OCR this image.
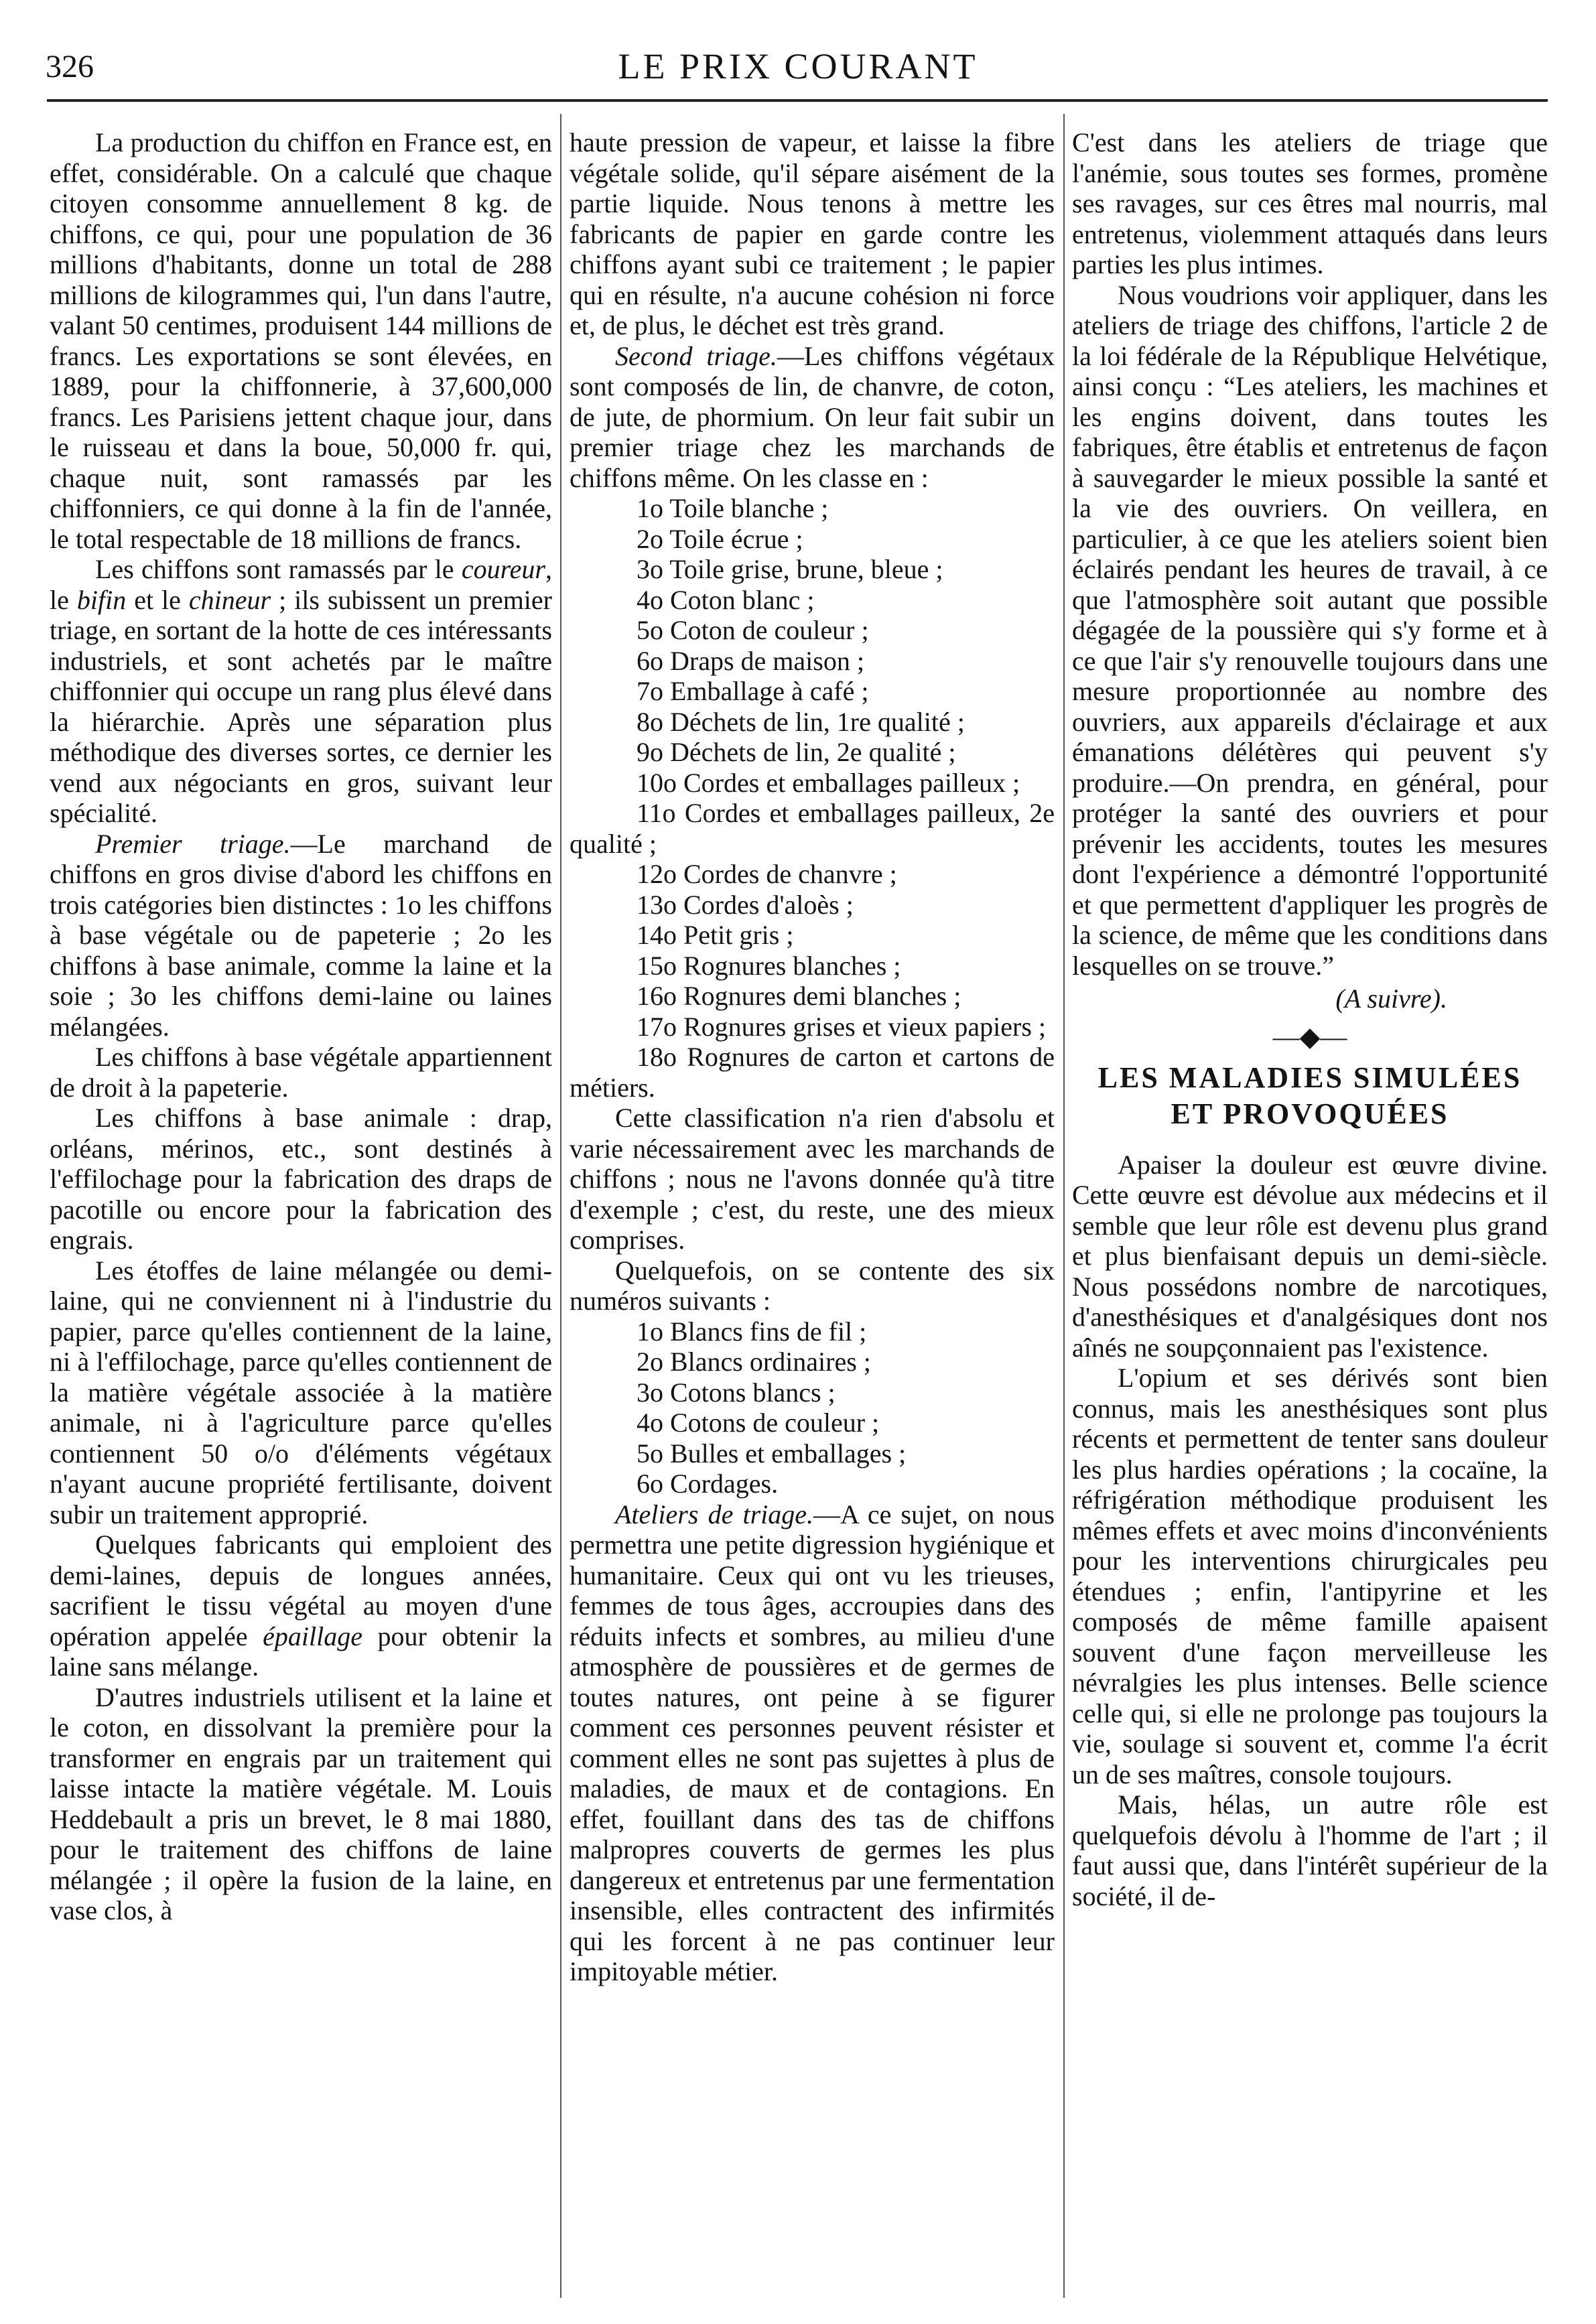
326	LE PRIX COURANT

La production du chiffon en France est, en effet, considérable. On a calculé que chaque citoyen consomme annuellement 8 kg. de chiffons, ce qui, pour une population de 36 millions d'habitants, donne un total de 288 millions de kilogrammes qui, l'un dans l'autre, valant 50 centimes, produisent 144 millions de francs. Les exportations se sont élevées, en 1889, pour la chiffonnerie, à 37,600,000 francs. Les Parisiens jettent chaque jour, dans le ruisseau et dans la boue, 50,000 fr. qui, chaque nuit, sont ramassés par les chiffonniers, ce qui donne à la fin de l'année, le total respectable de 18 millions de francs.

Les chiffons sont ramassés par le coureur, le bifin et le chineur ; ils subissent un premier triage, en sortant de la hotte de ces intéressants industriels, et sont achetés par le maître chiffonnier qui occupe un rang plus élevé dans la hiérarchie. Après une séparation plus méthodique des diverses sortes, ce dernier les vend aux négociants en gros, suivant leur spécialité.

Premier triage.—Le marchand de chiffons en gros divise d'abord les chiffons en trois catégories bien distinctes : 1o les chiffons à base végétale ou de papeterie ; 2o les chiffons à base animale, comme la laine et la soie ; 3o les chiffons demi-laine ou laines mélangées.

Les chiffons à base végétale appartiennent de droit à la papeterie.

Les chiffons à base animale : drap, orléans, mérinos, etc., sont destinés à l'effilochage pour la fabrication des draps de pacotille ou encore pour la fabrication des engrais.

Les étoffes de laine mélangée ou demi-laine, qui ne conviennent ni à l'industrie du papier, parce qu'elles contiennent de la laine, ni à l'effilochage, parce qu'elles contiennent de la matière végétale associée à la matière animale, ni à l'agriculture parce qu'elles contiennent 50 o/o d'éléments végétaux n'ayant aucune propriété fertilisante, doivent subir un traitement approprié.

Quelques fabricants qui emploient des demi-laines, depuis de longues années, sacrifient le tissu végétal au moyen d'une opération appelée épaillage pour obtenir la laine sans mélange.

D'autres industriels utilisent et la laine et le coton, en dissolvant la première pour la transformer en engrais par un traitement qui laisse intacte la matière végétale. M. Louis Heddebault a pris un brevet, le 8 mai 1880, pour le traitement des chiffons de laine mélangée ; il opère la fusion de la laine, en vase clos, à

haute pression de vapeur, et laisse la fibre végétale solide, qu'il sépare aisément de la partie liquide. Nous tenons à mettre les fabricants de papier en garde contre les chiffons ayant subi ce traitement ; le papier qui en résulte, n'a aucune cohésion ni force et, de plus, le déchet est très grand.

Second triage.—Les chiffons végétaux sont composés de lin, de chanvre, de coton, de jute, de phormium. On leur fait subir un premier triage chez les marchands de chiffons même. On les classe en :

1o Toile blanche ;

2o Toile écrue ;

3o Toile grise, brune, bleue ;

4o Coton blanc ;

5o Coton de couleur ;

6o Draps de maison ;

7o Emballage à café ;

8o Déchets de lin, 1re qualité ;

9o Déchets de lin, 2e qualité ;

10o Cordes et emballages pailleux ;

11o Cordes et emballages pailleux, 2e qualité ;

12o Cordes de chanvre ;

13o Cordes d'aloès ;

14o Petit gris ;

15o Rognures blanches ;

16o Rognures demi blanches ;

17o Rognures grises et vieux papiers ;

18o Rognures de carton et cartons de métiers.

Cette classification n'a rien d'absolu et varie nécessairement avec les marchands de chiffons ; nous ne l'avons donnée qu'à titre d'exemple ; c'est, du reste, une des mieux comprises.

Quelquefois, on se contente des six numéros suivants :

1o Blancs fins de fil ;

2o Blancs ordinaires ;

3o Cotons blancs ;

4o Cotons de couleur ;

5o Bulles et emballages ;

6o Cordages.

Ateliers de triage.—A ce sujet, on nous permettra une petite digression hygiénique et humanitaire. Ceux qui ont vu les trieuses, femmes de tous âges, accroupies dans des réduits infects et sombres, au milieu d'une atmosphère de poussières et de germes de toutes natures, ont peine à se figurer comment ces personnes peuvent résister et comment elles ne sont pas sujettes à plus de maladies, de maux et de contagions. En effet, fouillant dans des tas de chiffons malpropres couverts de germes les plus dangereux et entretenus par une fermentation insensible, elles contractent des infirmités qui les forcent à ne pas continuer leur impitoyable métier.

C'est dans les ateliers de triage que l'anémie, sous toutes ses formes, promène ses ravages, sur ces êtres mal nourris, mal entretenus, violemment attaqués dans leurs parties les plus intimes.

Nous voudrions voir appliquer, dans les ateliers de triage des chiffons, l'article 2 de la loi fédérale de la République Helvétique, ainsi conçu : “Les ateliers, les machines et les engins doivent, dans toutes les fabriques, être établis et entretenus de façon à sauvegarder le mieux possible la santé et la vie des ouvriers. On veillera, en particulier, à ce que les ateliers soient bien éclairés pendant les heures de travail, à ce que l'atmosphère soit autant que possible dégagée de la poussière qui s'y forme et à ce que l'air s'y renouvelle toujours dans une mesure proportionnée au nombre des ouvriers, aux appareils d'éclairage et aux émanations délétères qui peuvent s'y produire.—On prendra, en général, pour protéger la santé des ouvriers et pour prévenir les accidents, toutes les mesures dont l'expérience a démontré l'opportunité et que permettent d'appliquer les progrès de la science, de même que les conditions dans lesquelles on se trouve.”

(A suivre).

—◆—
LES MALADIES SIMULÉES ET PROVOQUÉES

Apaiser la douleur est œuvre divine. Cette œuvre est dévolue aux médecins et il semble que leur rôle est devenu plus grand et plus bienfaisant depuis un demi-siècle. Nous possédons nombre de narcotiques, d'anesthésiques et d'analgésiques dont nos aînés ne soupçonnaient pas l'existence.

L'opium et ses dérivés sont bien connus, mais les anesthésiques sont plus récents et permettent de tenter sans douleur les plus hardies opérations ; la cocaïne, la réfrigération méthodique produisent les mêmes effets et avec moins d'inconvénients pour les interventions chirurgicales peu étendues ; enfin, l'antipyrine et les composés de même famille apaisent souvent d'une façon merveilleuse les névralgies les plus intenses. Belle science celle qui, si elle ne prolonge pas toujours la vie, soulage si souvent et, comme l'a écrit un de ses maîtres, console toujours.

Mais, hélas, un autre rôle est quelquefois dévolu à l'homme de l'art ; il faut aussi que, dans l'intérêt supérieur de la société, il de-
